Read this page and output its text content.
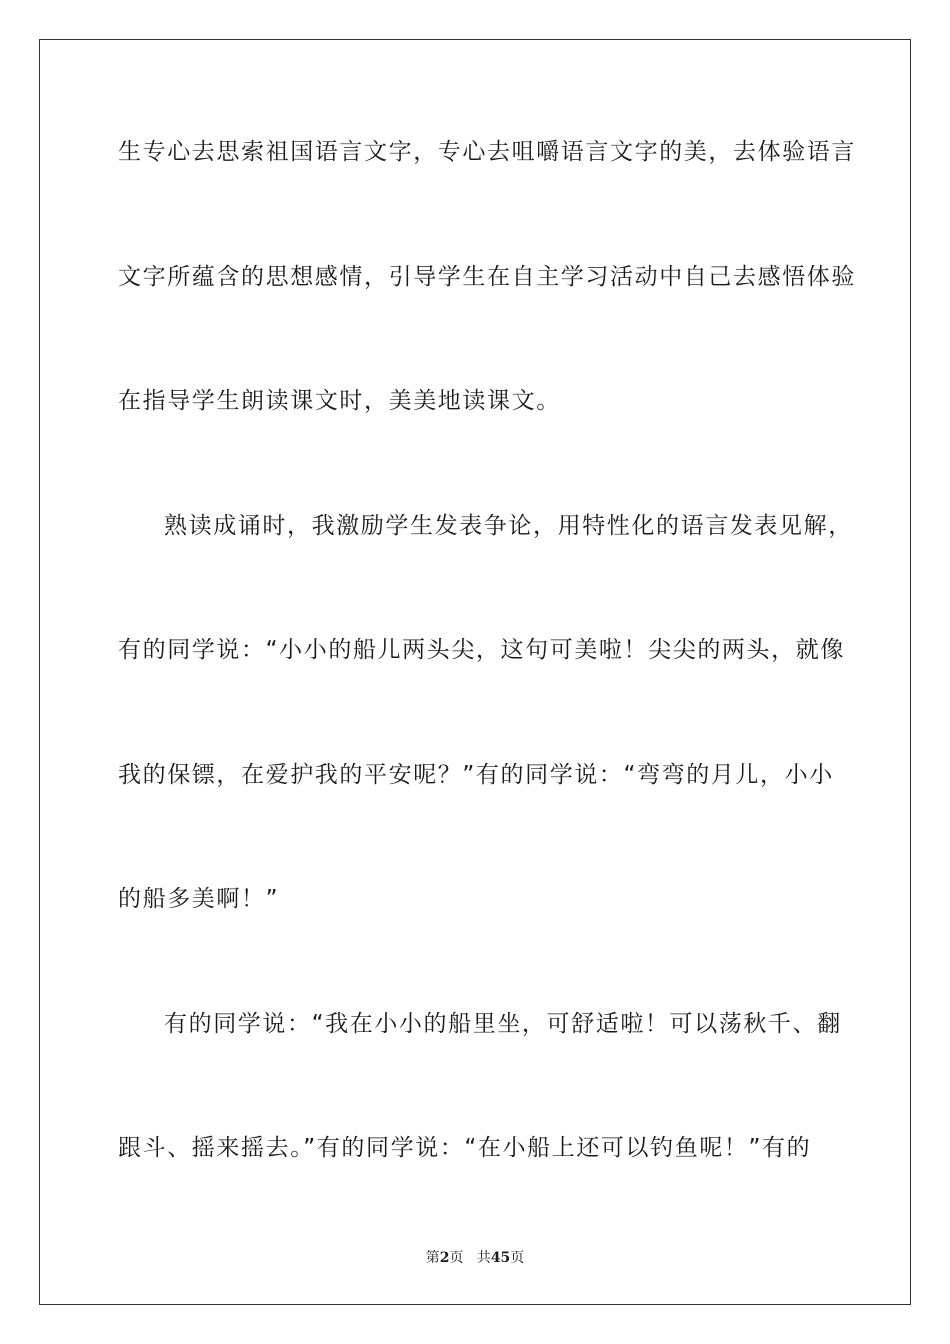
生专心去思索祖国语言文字，专心去咀嚼语言文字的美，去体验语言
文字所蕴含的思想感情，引导学生在自主学习活动中自己去感悟体验
在指导学生朗读课文时，美美地读课文。
熟读成诵时，我激励学生发表争论，用特性化的语言发表见解，
有的同学说：“小小的船儿两头尖，这句可美啦！尖尖的两头，就像
我的保镖，在爱护我的平安呢？”有的同学说：“弯弯的月儿，小小
的船多美啊！”
有的同学说：“我在小小的船里坐，可舒适啦！可以荡秋千、翻
跟斗、摇来摇去。”有的同学说：“在小船上还可以钓鱼呢！”有的
第2页 共45页
